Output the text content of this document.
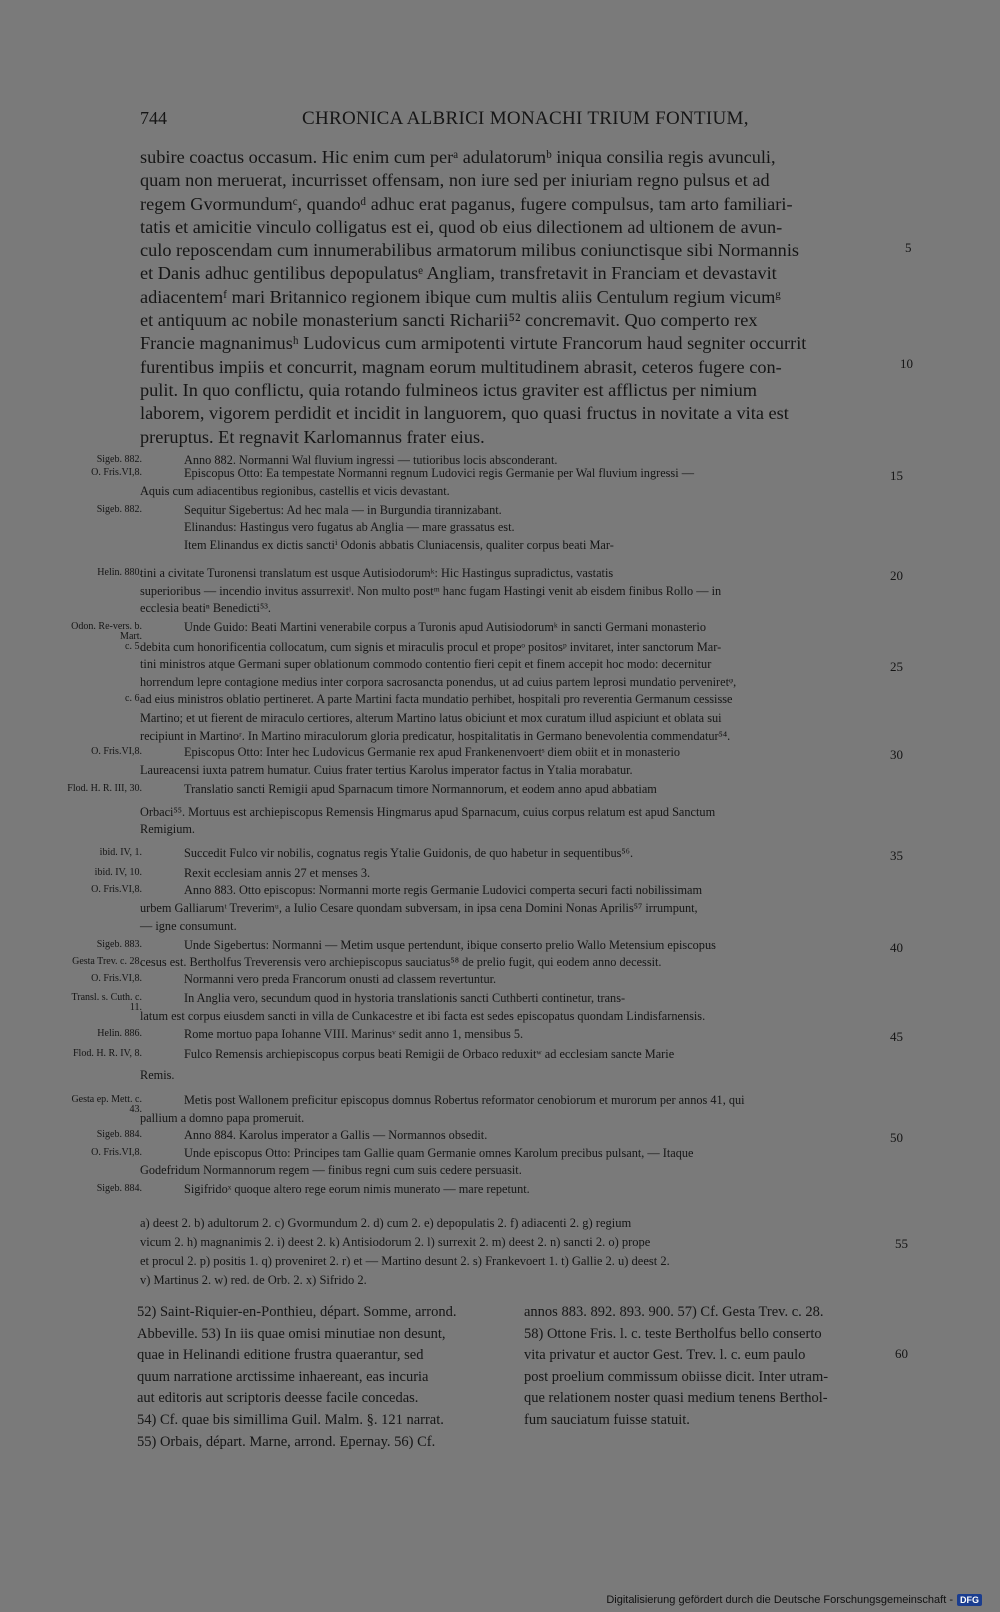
744	CHRONICA ALBRICI MONACHI TRIUM FONTIUM,
subire coactus occasum. Hic enim cum perᵃ adulatorumᵇ iniqua consilia regis avunculi,
quam non meruerat, incurrisset offensam, non iure sed per iniuriam regno pulsus et ad
regem Gvormundumᶜ, quandoᵈ adhuc erat paganus, fugere compulsus, tam arto familiari-
tatis et amicitie vinculo colligatus est ei, quod ob eius dilectionem ad ultionem de avun-
culo reposcendam cum innumerabilibus armatorum milibus coniunctisque sibi Normannis
et Danis adhuc gentilibus depopulatusᵉ Angliam, transfretavit in Franciam et devastavit
adiacentemᶠ mari Britannico regionem ibique cum multis aliis Centulum regium vicumᵍ
et antiquum ac nobile monasterium sancti Richarii⁵² concremavit. Quo comperto rex
Francie magnanimusʰ Ludovicus cum armipotenti virtute Francorum haud segniter occurrit
furentibus impiis et concurrit, magnam eorum multitudinem abrasit, ceteros fugere con-
pulit. In quo conflictu, quia rotando fulmineos ictus graviter est afflictus per nimium
laborem, vigorem perdidit et incidit in languorem, quo quasi fructus in novitate a vita est
preruptus. Et regnavit Karlomannus frater eius.
5
10
Sigeb. 882.	Anno 882. Normanni Wal fluvium ingressi — tutioribus locis absconderant.
O. Fris.VI,8.	Episcopus Otto: Ea tempestate Normanni regnum Ludovici regis Germanie per Wal fluvium ingressi —	15
Aquis cum adiacentibus regionibus, castellis et vicis devastant.
Sigeb. 882.	Sequitur Sigebertus: Ad hec mala — in Burgundia tirannizabant.
Elinandus: Hastingus vero fugatus ab Anglia — mare grassatus est.
Item Elinandus ex dictis sanctiⁱ Odonis abbatis Cluniacensis, qualiter corpus beati Mar-
Helin. 880.
tini a civitate Turonensi translatum est usque Autisiodorumᵏ: Hic Hastingus supradictus, vastatis	20
superioribus — incendio invitus assurrexitˡ. Non multo postᵐ hanc fugam Hastingi venit ab eisdem finibus Rollo — in
ecclesia beatiⁿ Benedicti⁵³.
Odon. Re-vers. b. Mart.
Unde Guido: Beati Martini venerabile corpus a Turonis apud Autisiodorumᵏ in sancti Germani monasterio
c. 5.
debita cum honorificentia collocatum, cum signis et miraculis procul et propeᵒ positosᵖ invitaret, inter sanctorum Mar-
tini ministros atque Germani super oblationum commodo contentio fieri cepit et finem accepit hoc modo: decernitur	25
horrendum lepre contagione medius inter corpora sacrosancta ponendus, ut ad cuius partem leprosi mundatio perveniretᵠ,
c. 6.
ad eius ministros oblatio pertineret. A parte Martini facta mundatio perhibet, hospitali pro reverentia Germanum cessisse
Martino; et ut fierent de miraculo certiores, alterum Martino latus obiciunt et mox curatum illud aspiciunt et oblata sui
recipiunt in Martinoʳ. In Martino miraculorum gloria predicatur, hospitalitatis in Germano benevolentia commendatur⁵⁴.
O. Fris.VI,8.	Episcopus Otto: Inter hec Ludovicus Germanie rex apud Frankenenvoertˢ diem obiit et in monasterio	30
Laureacensi iuxta patrem humatur. Cuius frater tertius Karolus imperator factus in Ytalia morabatur.
Flod. H. R. III, 30.	Translatio sancti Remigii apud Sparnacum timore Normannorum, et eodem anno apud abbatiam
Orbaci⁵⁵. Mortuus est archiepiscopus Remensis Hingmarus apud Sparnacum, cuius corpus relatum est apud Sanctum
Remigium.
ibid. IV, 1.	Succedit Fulco vir nobilis, cognatus regis Ytalie Guidonis, de quo habetur in sequentibus⁵⁶.	35
ibid. IV, 10.	Rexit ecclesiam annis 27 et menses 3.
O. Fris.VI,8.	Anno 883. Otto episcopus: Normanni morte regis Germanie Ludovici comperta securi facti nobilissimam
urbem Galliarumᵗ Treverimᵘ, a Iulio Cesare quondam subversam, in ipsa cena Domini Nonas Aprilis⁵⁷ irrumpunt,
— igne consumunt.
Sigeb. 883.	Unde Sigebertus: Normanni — Metim usque pertendunt, ibique conserto prelio Wallo Metensium episcopus	40
Gesta Trev. c. 28.
cesus est. Bertholfus Treverensis vero archiepiscopus sauciatus⁵⁸ de prelio fugit, qui eodem anno decessit.
O. Fris.VI,8.	Normanni vero preda Francorum onusti ad classem revertuntur.
Transl. s. Cuth. c. 11.
In Anglia vero, secundum quod in hystoria translationis sancti Cuthberti continetur, trans-
latum est corpus eiusdem sancti in villa de Cunkacestre et ibi facta est sedes episcopatus quondam Lindisfarnensis.
Helin. 886.	Rome mortuo papa Iohanne VIII. Marinusᵛ sedit anno 1, mensibus 5.	45
Flod. H. R. IV, 8.	Fulco Remensis archiepiscopus corpus beati Remigii de Orbaco reduxitʷ ad ecclesiam sancte Marie
Remis.
Gesta ep. Mett. c. 43.
Metis post Wallonem preficitur episcopus domnus Robertus reformator cenobiorum et murorum per annos 41, qui
pallium a domno papa promeruit.
Sigeb. 884.	Anno 884. Karolus imperator a Gallis — Normannos obsedit.	50
O. Fris.VI,8.	Unde episcopus Otto: Principes tam Gallie quam Germanie omnes Karolum precibus pulsant, — Itaque
Godefridum Normannorum regem — finibus regni cum suis cedere persuasit.
Sigeb. 884.	Sigifridoˣ quoque altero rege eorum nimis munerato — mare repetunt.
a) deest 2. b) adultorum 2. c) Gvormundum 2. d) cum 2. e) depopulatis 2. f) adiacenti 2. g) regium
vicum 2. h) magnanimis 2. i) deest 2. k) Antisiodorum 2. l) surrexit 2. m) deest 2. n) sancti 2. o) prope
et procul 2. p) positis 1. q) proveniret 2. r) et — Martino desunt 2. s) Frankevoert 1. t) Gallie 2. u) deest 2.
v) Martinus 2. w) red. de Orb. 2. x) Sifrido 2.
55
52) Saint-Riquier-en-Ponthieu, départ. Somme, arrond.
Abbeville. 53) In iis quae omisi minutiae non desunt,
quae in Helinandi editione frustra quaerantur, sed
quum narratione arctissime inhaereant, eas incuria
aut editoris aut scriptoris deesse facile concedas.
54) Cf. quae bis simillima Guil. Malm. §. 121 narrat.
55) Orbais, départ. Marne, arrond. Epernay. 56) Cf.
annos 883. 892. 893. 900. 57) Cf. Gesta Trev. c. 28.
58) Ottone Fris. l. c. teste Bertholfus bello conserto
vita privatur et auctor Gest. Trev. l. c. eum paulo
post proelium commissum obiisse dicit. Inter utram-
que relationem noster quasi medium tenens Berthol-
fum sauciatum fuisse statuit.
60
Digitalisierung gefördert durch die Deutsche Forschungsgemeinschaft - DFG
